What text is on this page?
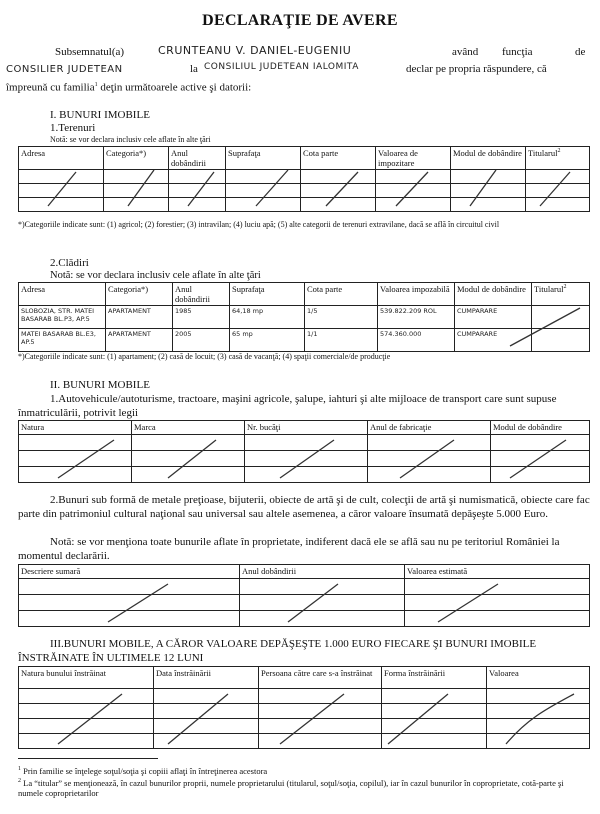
DECLARAŢIE DE AVERE
Subsemnatul(a)	CRUNTEANU V. DANIEL-EUGENIU	având funcţia	de
CONSILIER JUDETEAN	la CONSILIUL JUDETEAN IALOMITA	declar pe propria răspundere, că
împreună cu familia$^1$ deţin următoarele active şi datorii:
I. BUNURI IMOBILE
1.Terenuri
Notă: se vor declara inclusiv cele aflate în alte ţări
Adresa	Categoria*)	Anul dobândirii	Suprafaţa	Cota parte	Valoarea de impozitare	Modul de dobândire	Titularul$^2$

*)Categoriile indicate sunt: (1) agricol; (2) forestier; (3) intravilan; (4) luciu apă; (5) alte categorii de terenuri extravilane, dacă se află în circuitul civil
2.Clădiri
Notă: se vor declara inclusiv cele aflate în alte ţări
Adresa	Categoria*)	Anul dobândirii	Suprafaţa	Cota parte	Valoarea impozabilă	Modul de dobândire	Titularul$^2$
SLOBOZIA, STR. MATEI BASARAB BL.P3, AP.5	APARTAMENT	1985	64,18 mp	1/5	539.822.209 ROL	CUMPARARE	
MATEI BASARAB BL.E3, AP.5	APARTAMENT	2005	65 mp	1/1	574.360.000	CUMPARARE	
*)Categoriile indicate sunt: (1) apartament; (2) casă de locuit; (3) casă de vacanţă; (4) spaţii comerciale/de producţie
II. BUNURI MOBILE
1.Autovehicule/autoturisme, tractoare, maşini agricole, şalupe, iahturi şi alte mijloace de transport care sunt supuse înmatriculării, potrivit legii
Natura	Marca	Nr. bucăţi	Anul de fabricaţie	Modul de dobândire

2.Bunuri sub formă de metale preţioase, bijuterii, obiecte de artă şi de cult, colecţii de artă şi numismatică, obiecte care fac parte din patrimoniul cultural naţional sau universal sau altele asemenea, a căror valoare însumată depăşeşte 5.000 Euro.
Notă: se vor menţiona toate bunurile aflate în proprietate, indiferent dacă ele se află sau nu pe teritoriul României la momentul declarării.
Descriere sumară	Anul dobândirii	Valoarea estimată

III.BUNURI MOBILE, A CĂROR VALOARE DEPĂŞEŞTE 1.000 EURO FIECARE ŞI BUNURI IMOBILE ÎNSTRĂINATE ÎN ULTIMELE 12 LUNI
Natura bunului înstrăinat	Data înstrăinării	Persoana către care s-a înstrăinat	Forma înstrăinării	Valoarea

$^1$ Prin familie se înţelege soţul/soţia şi copiii aflaţi în întreţinerea acestora
$^2$ La “titular” se menţionează, în cazul bunurilor proprii, numele proprietarului (titularul, soţul/soţia, copilul), iar în cazul bunurilor în coproprietate, cotă-parte şi numele coproprietarilor
